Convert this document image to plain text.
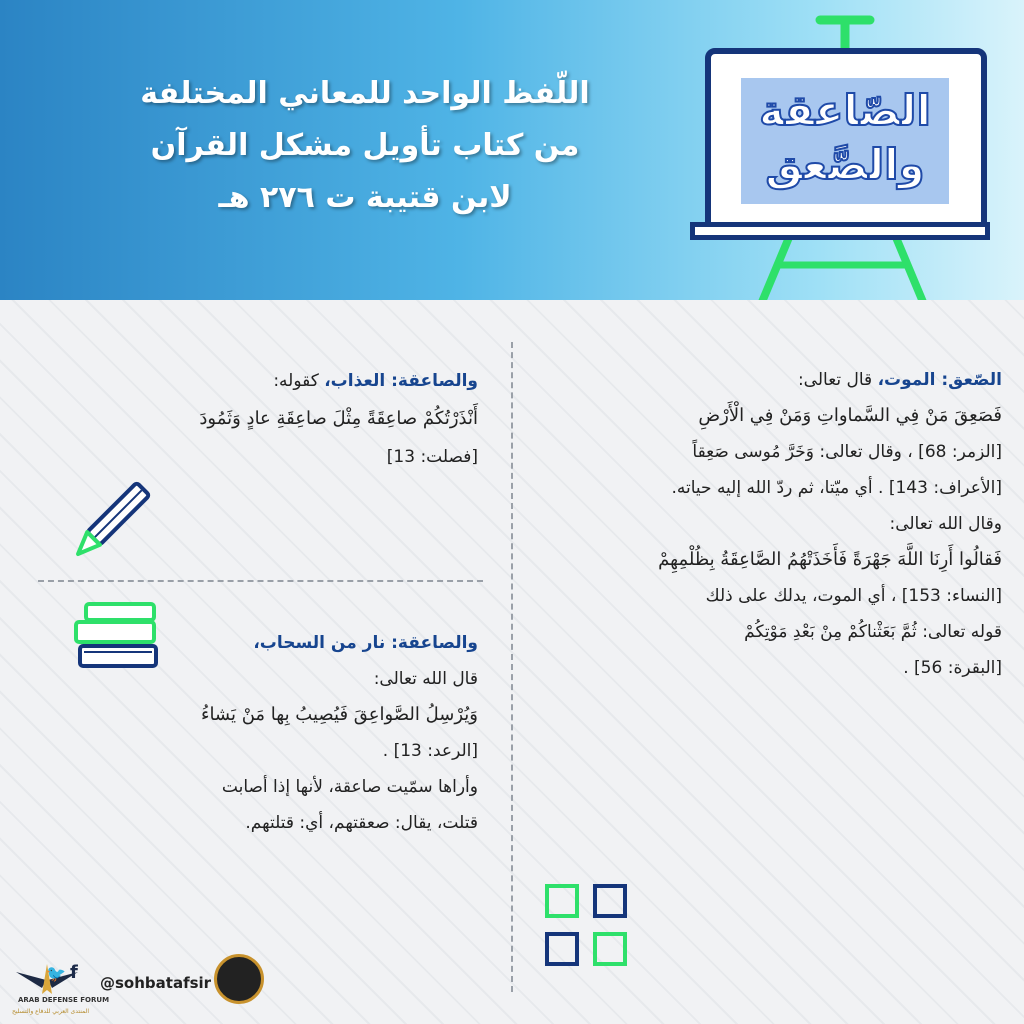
اللّفظ الواحد للمعاني المختلفة
من كتاب تأويل مشكل القرآن
لابن قتيبة ت ٢٧٦ هـ
الصّاعقة
والصَّعق
الصّعق: الموت، قال تعالى:
فَصَعِقَ مَنْ فِي السَّماواتِ وَمَنْ فِي الْأَرْضِ
[الزمر: 68] ، وقال تعالى: وَخَرَّ مُوسى صَعِقاً
[الأعراف: 143] . أي ميّتا، ثم ردّ الله إليه حياته.
وقال الله تعالى:
فَقالُوا أَرِنَا اللَّهَ جَهْرَةً فَأَخَذَتْهُمُ الصَّاعِقَةُ بِظُلْمِهِمْ
[النساء: 153] ، أي الموت، يدلك على ذلك
قوله تعالى: ثُمَّ بَعَثْناكُمْ مِنْ بَعْدِ مَوْتِكُمْ
[البقرة: 56] .
والصاعقة: العذاب، كقوله:
أَنْذَرْتُكُمْ صاعِقَةً مِثْلَ صاعِقَةِ عادٍ وَثَمُودَ
[فصلت: 13]
والصاعقة: نار من السحاب،
قال الله تعالى:
وَيُرْسِلُ الصَّواعِقَ فَيُصِيبُ بِها مَنْ يَشاءُ
[الرعد: 13] .
وأراها سمّيت صاعقة، لأنها إذا أصابت
قتلت، يقال: صعقتهم، أي: قتلتهم.
ARAB DEFENSE FORUM
المنتدى العربي للدفاع والتسليح
🐦 f @sohbatafsir
